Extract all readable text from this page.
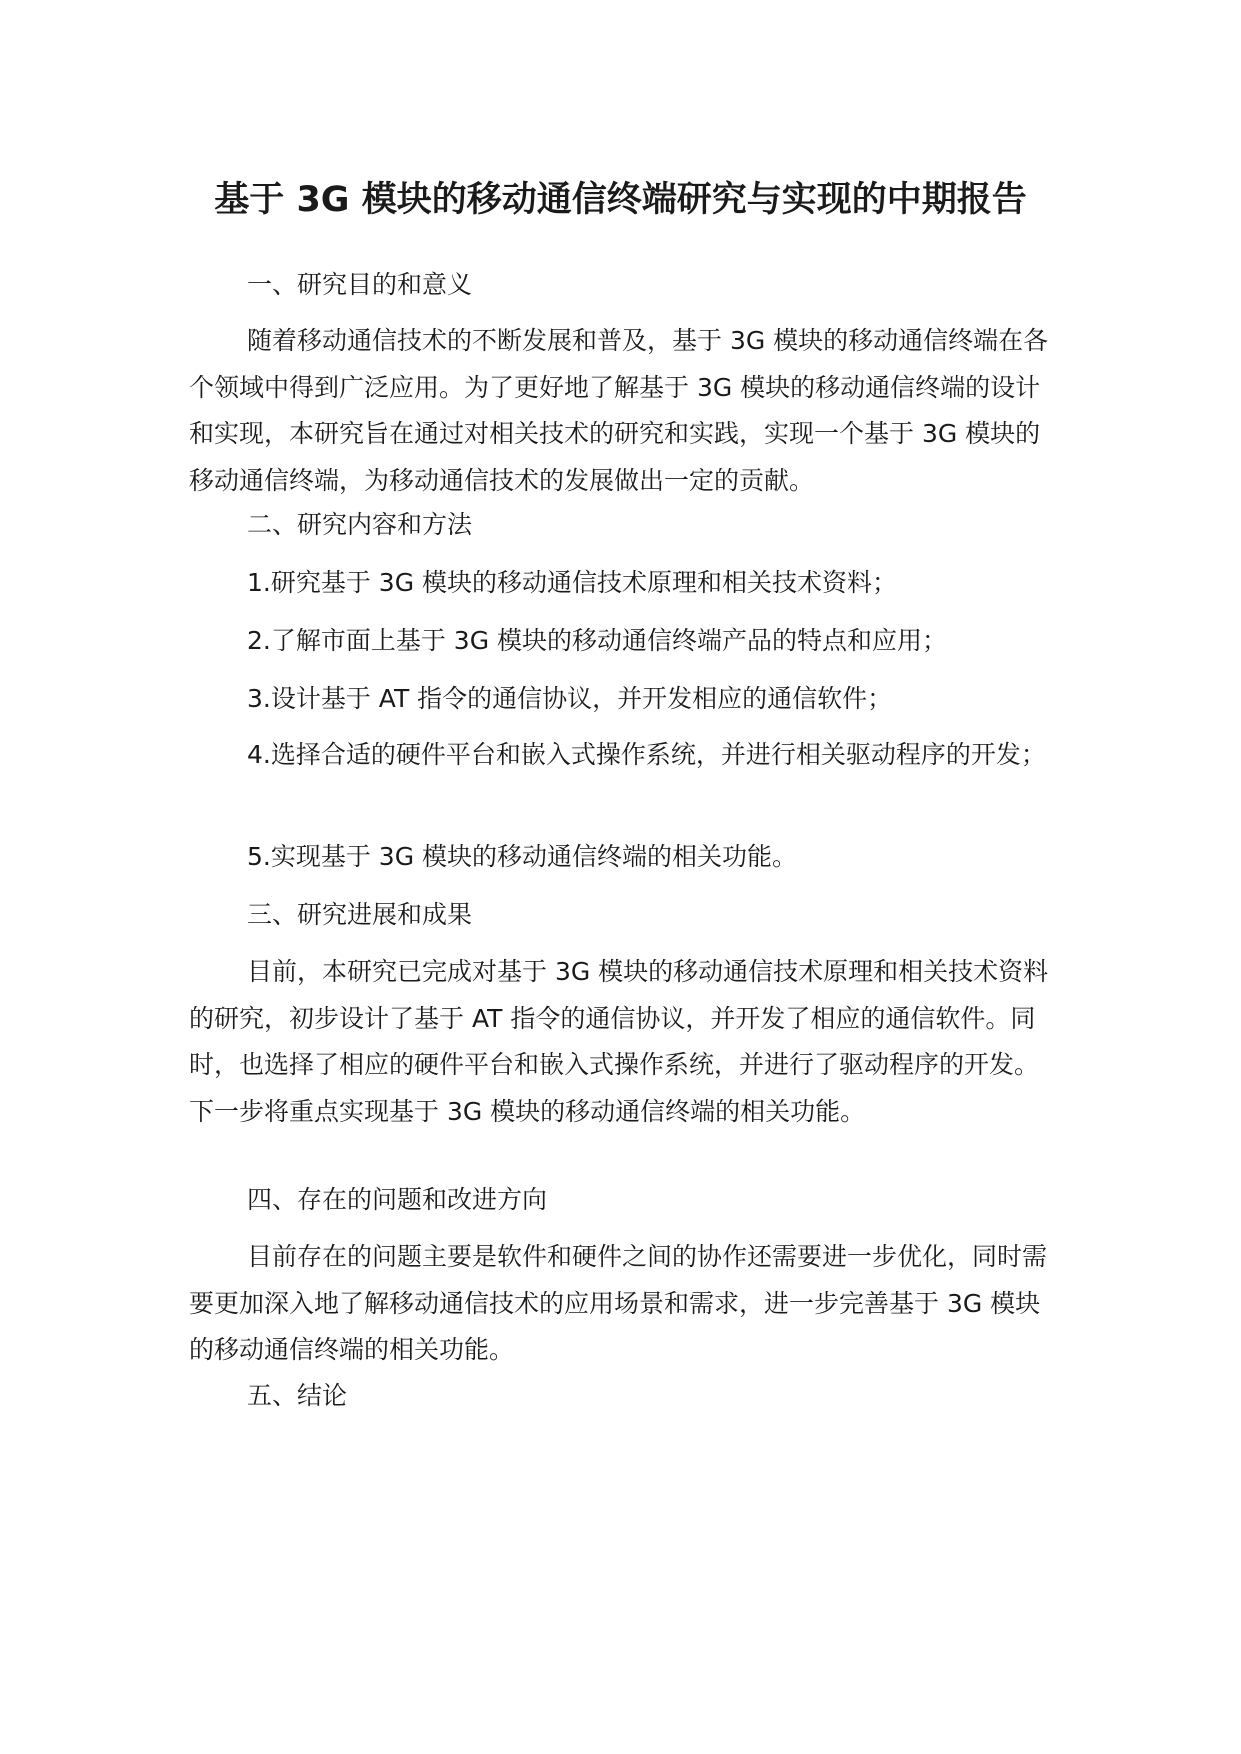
基于 3G 模块的移动通信终端研究与实现的中期报告

一、研究目的和意义

随着移动通信技术的不断发展和普及，基于 3G 模块的移动通信终端在各个领域中得到广泛应用。为了更好地了解基于 3G 模块的移动通信终端的设计和实现，本研究旨在通过对相关技术的研究和实践，实现一个基于 3G 模块的移动通信终端，为移动通信技术的发展做出一定的贡献。

二、研究内容和方法

1.研究基于 3G 模块的移动通信技术原理和相关技术资料；

2.了解市面上基于 3G 模块的移动通信终端产品的特点和应用；

3.设计基于 AT 指令的通信协议，并开发相应的通信软件；

4.选择合适的硬件平台和嵌入式操作系统，并进行相关驱动程序的开发；

5.实现基于 3G 模块的移动通信终端的相关功能。

三、研究进展和成果

目前，本研究已完成对基于 3G 模块的移动通信技术原理和相关技术资料的研究，初步设计了基于 AT 指令的通信协议，并开发了相应的通信软件。同时，也选择了相应的硬件平台和嵌入式操作系统，并进行了驱动程序的开发。下一步将重点实现基于 3G 模块的移动通信终端的相关功能。

四、存在的问题和改进方向

目前存在的问题主要是软件和硬件之间的协作还需要进一步优化，同时需要更加深入地了解移动通信技术的应用场景和需求，进一步完善基于 3G 模块的移动通信终端的相关功能。

五、结论
